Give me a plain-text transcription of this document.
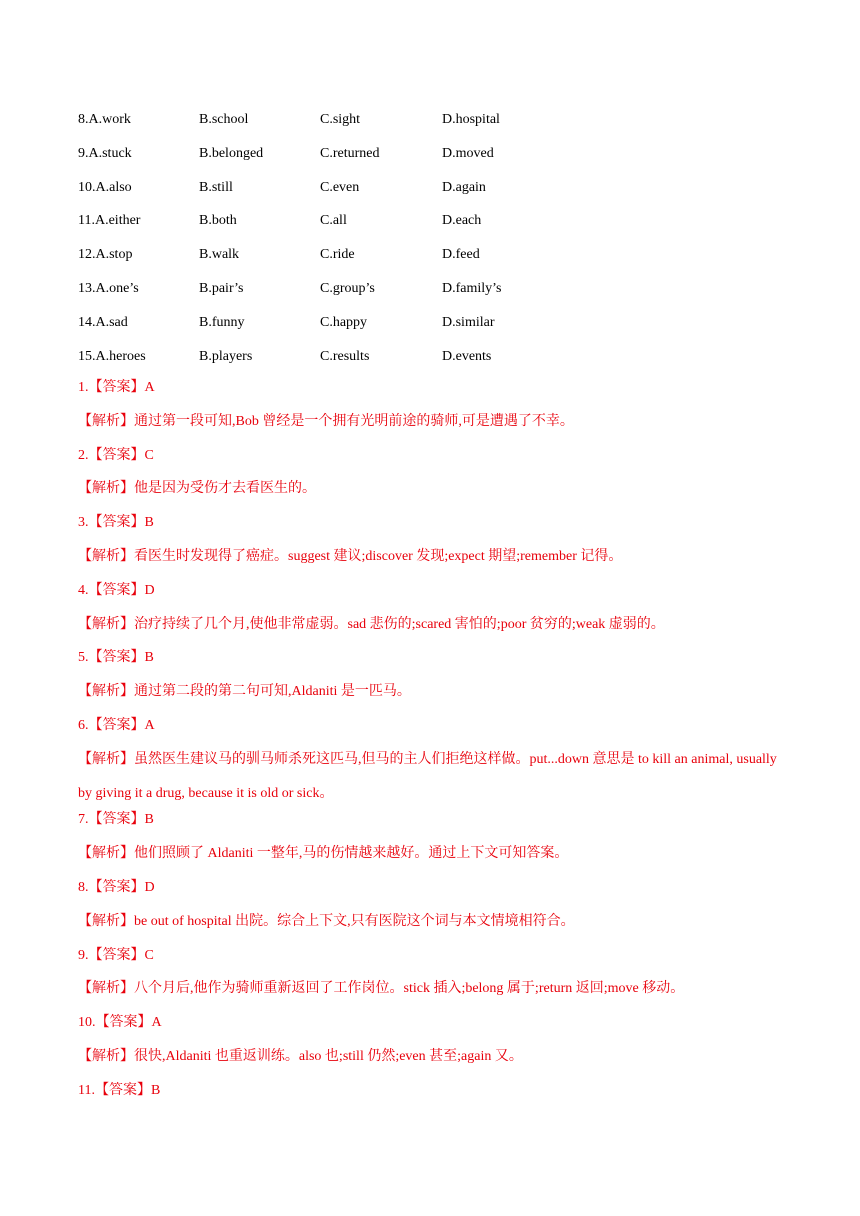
8.A.work	B.school	C.sight	D.hospital
9.A.stuck	B.belonged	C.returned	D.moved
10.A.also	B.still	C.even	D.again
11.A.either	B.both	C.all	D.each
12.A.stop	B.walk	C.ride	D.feed
13.A.one’s	B.pair’s	C.group’s	D.family’s
14.A.sad	B.funny	C.happy	D.similar
15.A.heroes	B.players	C.results	D.events
1.【答案】A
【解析】通过第一段可知,Bob 曾经是一个拥有光明前途的骑师,可是遭遇了不幸。
2.【答案】C
【解析】他是因为受伤才去看医生的。
3.【答案】B
【解析】看医生时发现得了癌症。suggest 建议;discover 发现;expect 期望;remember 记得。
4.【答案】D
【解析】治疗持续了几个月,使他非常虚弱。sad 悲伤的;scared 害怕的;poor 贫穷的;weak 虚弱的。
5.【答案】B
【解析】通过第二段的第二句可知,Aldaniti 是一匹马。
6.【答案】A
【解析】虽然医生建议马的驯马师杀死这匹马,但马的主人们拒绝这样做。put...down 意思是 to kill an animal, usually by giving it a drug, because it is old or sick。
7.【答案】B
【解析】他们照顾了 Aldaniti 一整年,马的伤情越来越好。通过上下文可知答案。
8.【答案】D
【解析】be out of hospital 出院。综合上下文,只有医院这个词与本文情境相符合。
9.【答案】C
【解析】八个月后,他作为骑师重新返回了工作岗位。stick 插入;belong 属于;return 返回;move 移动。
10.【答案】A
【解析】很快,Aldaniti 也重返训练。also 也;still 仍然;even 甚至;again 又。
11.【答案】B
